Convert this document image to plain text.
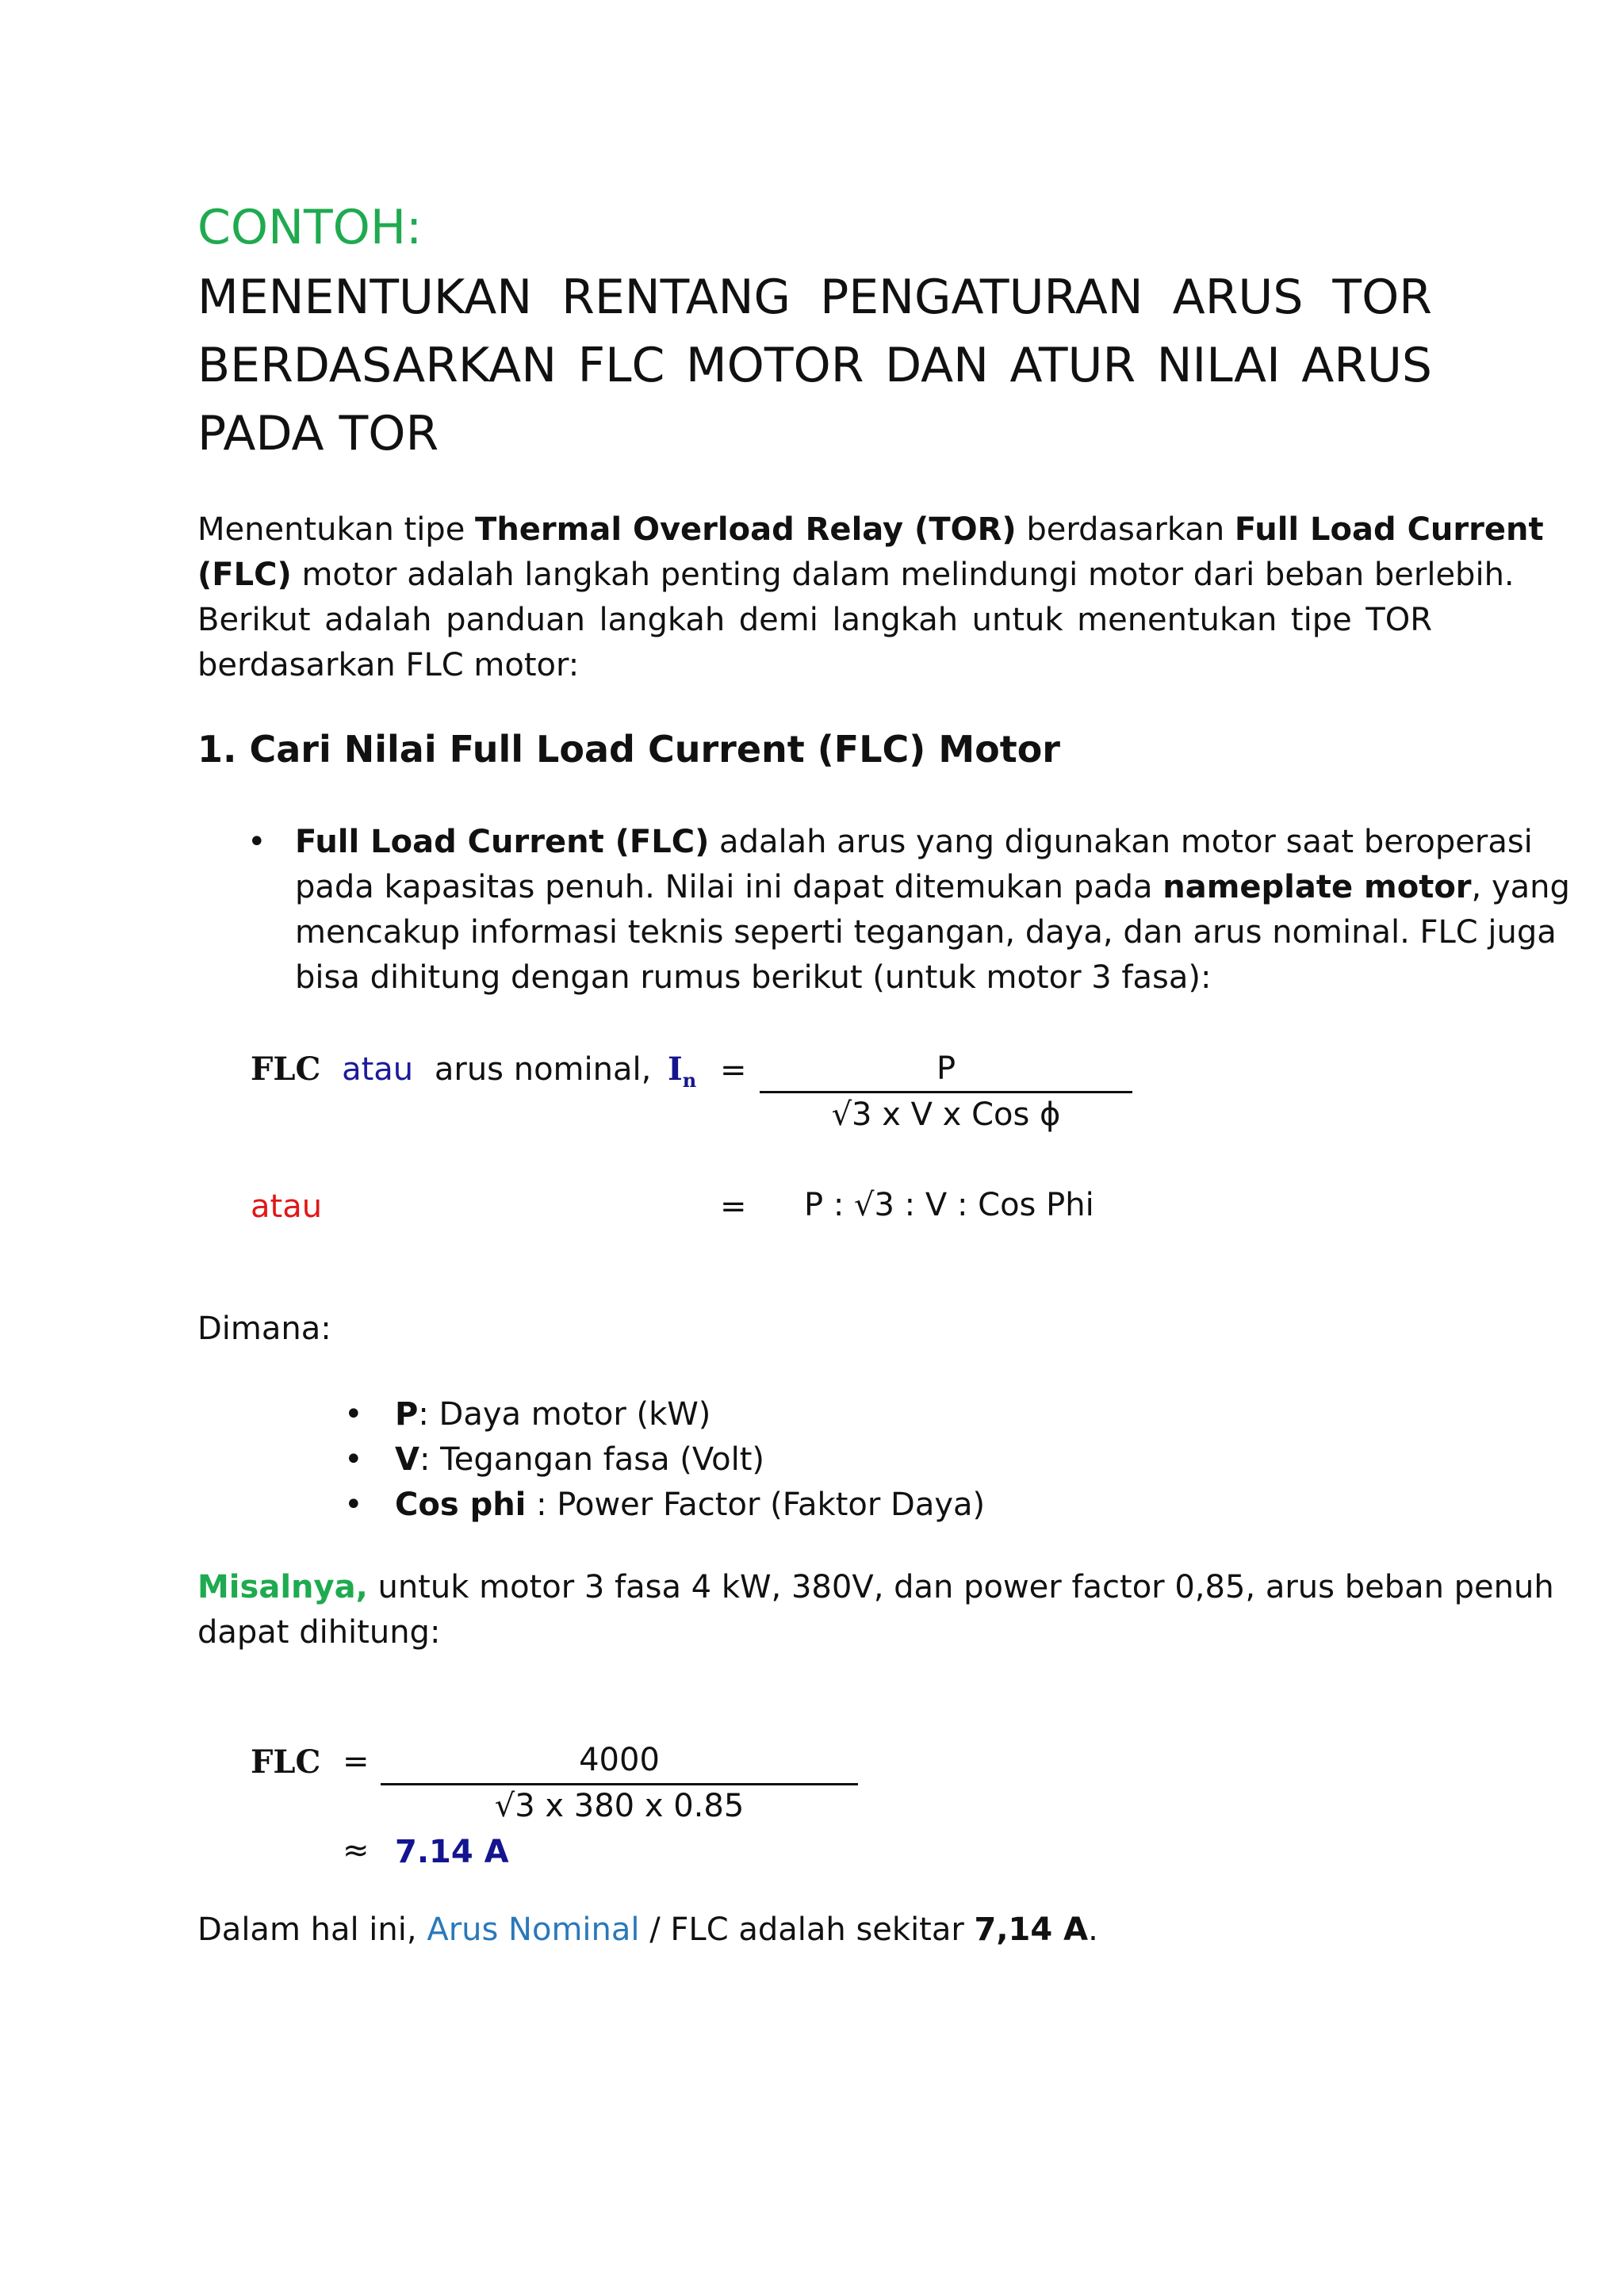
CONTOH:
MENENTUKAN RENTANG PENGATURAN ARUS TOR
BERDASARKAN FLC MOTOR DAN ATUR NILAI ARUS
PADA TOR
Menentukan tipe Thermal Overload Relay (TOR) berdasarkan Full Load Current
(FLC) motor adalah langkah penting dalam melindungi motor dari beban berlebih.
Berikut adalah panduan langkah demi langkah untuk menentukan tipe TOR
berdasarkan FLC motor:
1. Cari Nilai Full Load Current (FLC) Motor
• Full Load Current (FLC) adalah arus yang digunakan motor saat beroperasi
pada kapasitas penuh. Nilai ini dapat ditemukan pada nameplate motor, yang
mencakup informasi teknis seperti tegangan, daya, dan arus nominal. FLC juga
bisa dihitung dengan rumus berikut (untuk motor 3 fasa):
FLC atau arus nominal, $I_n$ =	P
√3 x V x Cos ϕ
atau	= P : √3 : V : Cos Phi
Dimana:
• P: Daya motor (kW)
• V: Tegangan fasa (Volt)
• Cos phi : Power Factor (Faktor Daya)
Misalnya, untuk motor 3 fasa 4 kW, 380V, dan power factor 0,85, arus beban penuh
dapat dihitung:
FLC =	4000
√3 x 380 x 0.85
≈ 7.14 A
Dalam hal ini, Arus Nominal / FLC adalah sekitar 7,14 A.
